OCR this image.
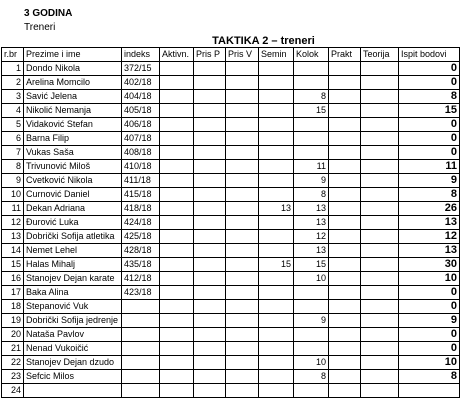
3 GODINA
Treneri
TAKTIKA 2 – treneri
r.br	Prezime i ime	indeks	Aktivn.	Pris P	Pris V	Semin	Kolok	Prakt	Teorija	Ispit bodovi
1	Dondo Nikola	372/15								0
2	Arelina Momcilo	402/18								0
3	Savić Jelena	404/18					8			8
4	Nikolić Nemanja	405/18					15			15
5	Vidaković Stefan	406/18								0
6	Barna Filip	407/18								0
7	Vukas Saša	408/18								0
8	Trivunović Miloš	410/18					11			11
9	Cvetković Nikola	411/18					9			9
10	Curnović Daniel	415/18					8			8
11	Dekan Adriana	418/18				13	13			26
12	Đurović Luka	424/18					13			13
13	Dobrički Sofija atletika	425/18					12			12
14	Nemet Lehel	428/18					13			13
15	Halas Mihalj	435/18				15	15			30
16	Stanojev Dejan karate	412/18					10			10
17	Baka Alina	423/18								0
18	Stepanović Vuk									0
19	Dobrički Sofija jedrenje						9			9
20	Nataša Pavlov									0
21	Nenad Vukoičić									0
22	Stanojev Dejan dzudo						10			10
23	Sefcic Milos						8			8
24										
